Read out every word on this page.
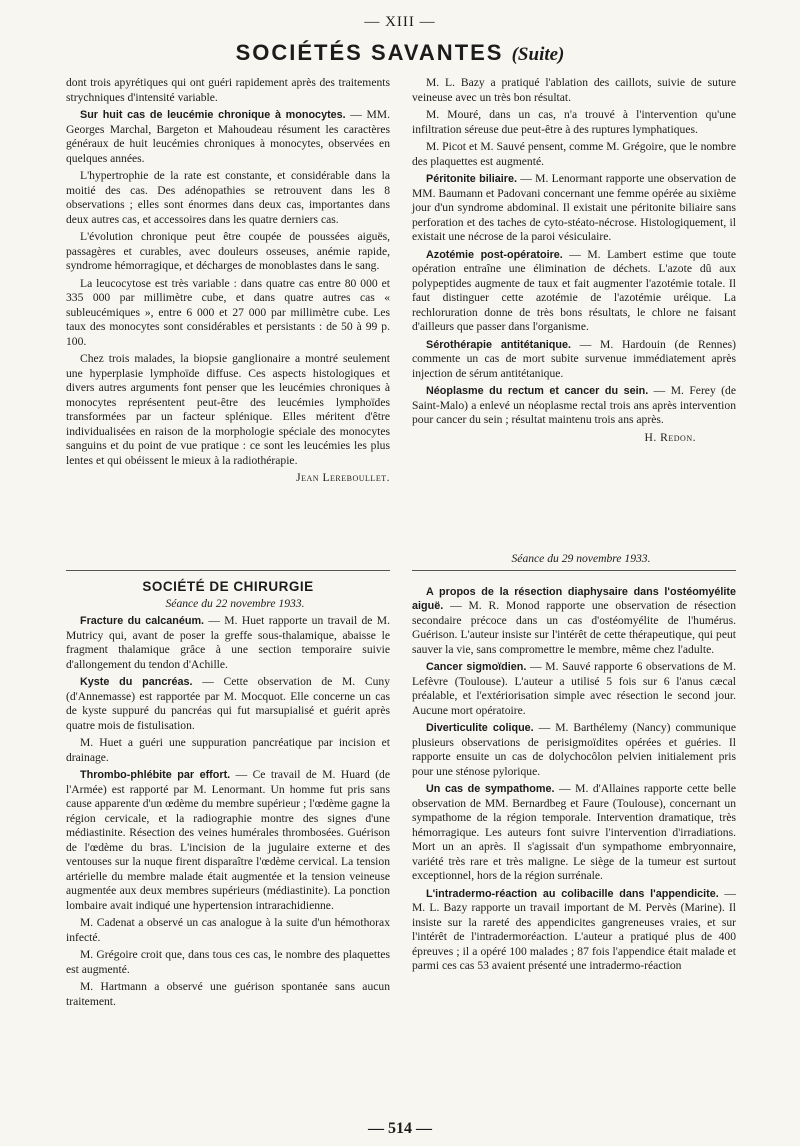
— XIII —
SOCIÉTÉS SAVANTES (Suite)

dont trois apyrétiques qui ont guéri rapidement après des traitements strychniques d'intensité variable.

Sur huit cas de leucémie chronique à monocytes. — MM. Georges Marchal, Bargeton et Mahoudeau résument les caractères généraux de huit leucémies chroniques à monocytes, observées en quelques années.

L'hypertrophie de la rate est constante, et considérable dans la moitié des cas. Des adénopathies se retrouvent dans les 8 observations ; elles sont énormes dans deux cas, importantes dans deux autres cas, et accessoires dans les quatre derniers cas.

L'évolution chronique peut être coupée de poussées aiguës, passagères et curables, avec douleurs osseuses, anémie rapide, syndrome hémorragique, et décharges de monoblastes dans le sang.

La leucocytose est très variable : dans quatre cas entre 80 000 et 335 000 par millimètre cube, et dans quatre autres cas « subleucémiques », entre 6 000 et 27 000 par millimètre cube. Les taux des monocytes sont considérables et persistants : de 50 à 99 p. 100.

Chez trois malades, la biopsie ganglionaire a montré seulement une hyperplasie lymphoïde diffuse. Ces aspects histologiques et divers autres arguments font penser que les leucémies chroniques à monocytes représentent peut-être des leucémies lymphoïdes transformées par un facteur splénique. Elles méritent d'être individualisées en raison de la morphologie spéciale des monocytes sanguins et du point de vue pratique : ce sont les leucémies les plus lentes et qui obéissent le mieux à la radiothérapie.

Jean Lereboullet.

M. L. Bazy a pratiqué l'ablation des caillots, suivie de suture veineuse avec un très bon résultat.

M. Mouré, dans un cas, n'a trouvé à l'intervention qu'une infiltration séreuse due peut-être à des ruptures lymphatiques.

M. Picot et M. Sauvé pensent, comme M. Grégoire, que le nombre des plaquettes est augmenté.

Péritonite biliaire. — M. Lenormant rapporte une observation de MM. Baumann et Padovani concernant une femme opérée au sixième jour d'un syndrome abdominal. Il existait une péritonite biliaire sans perforation et des taches de cyto-stéato-nécrose. Histologiquement, il existait une nécrose de la paroi vésiculaire.

Azotémie post-opératoire. — M. Lambert estime que toute opération entraîne une élimination de déchets. L'azote dû aux polypeptides augmente de taux et fait augmenter l'azotémie totale. Il faut distinguer cette azotémie de l'azotémie uréique. La rechloruration donne de très bons résultats, le chlore ne faisant d'ailleurs que passer dans l'organisme.

Sérothérapie antitétanique. — M. Hardouin (de Rennes) commente un cas de mort subite survenue immédiatement après injection de sérum antitétanique.

Néoplasme du rectum et cancer du sein. — M. Ferey (de Saint-Malo) a enlevé un néoplasme rectal trois ans après intervention pour cancer du sein ; résultat maintenu trois ans après.

H. Redon.
SOCIÉTÉ DE CHIRURGIE

Séance du 22 novembre 1933.

Fracture du calcanéum. — M. Huet rapporte un travail de M. Mutricy qui, avant de poser la greffe sous-thalamique, abaisse le fragment thalamique grâce à une section temporaire suivie d'allongement du tendon d'Achille.

Kyste du pancréas. — Cette observation de M. Cuny (d'Annemasse) est rapportée par M. Mocquot. Elle concerne un cas de kyste suppuré du pancréas qui fut marsupialisé et guérit après quatre mois de fistulisation.

M. Huet a guéri une suppuration pancréatique par incision et drainage.

Thrombo-phlébite par effort. — Ce travail de M. Huard (de l'Armée) est rapporté par M. Lenormant. Un homme fut pris sans cause apparente d'un œdème du membre supérieur ; l'œdème gagne la région cervicale, et la radiographie montre des signes d'une médiastinite. Résection des veines humérales thrombosées. Guérison de l'œdème du bras. L'incision de la jugulaire externe et des ventouses sur la nuque firent disparaître l'œdème cervical. La tension artérielle du membre malade était augmentée et la tension veineuse augmentée aux deux membres supérieurs (médiastinite). La ponction lombaire avait indiqué une hypertension intrarachidienne.

M. Cadenat a observé un cas analogue à la suite d'un hémothorax infecté.

M. Grégoire croit que, dans tous ces cas, le nombre des plaquettes est augmenté.

M. Hartmann a observé une guérison spontanée sans aucun traitement.

Séance du 29 novembre 1933.

A propos de la résection diaphysaire dans l'ostéomyélite aiguë. — M. R. Monod rapporte une observation de résection secondaire précoce dans un cas d'ostéomyélite de l'humérus. Guérison. L'auteur insiste sur l'intérêt de cette thérapeutique, qui peut sauver la vie, sans compromettre le membre, même chez l'adulte.

Cancer sigmoïdien. — M. Sauvé rapporte 6 observations de M. Lefèvre (Toulouse). L'auteur a utilisé 5 fois sur 6 l'anus cæcal préalable, et l'extériorisation simple avec résection le second jour. Aucune mort opératoire.

Diverticulite colique. — M. Barthélemy (Nancy) communique plusieurs observations de perisigmoïdites opérées et guéries. Il rapporte ensuite un cas de dolychocôlon pelvien initialement pris pour une sténose pylorique.

Un cas de sympathome. — M. d'Allaines rapporte cette belle observation de MM. Bernardbeg et Faure (Toulouse), concernant un sympathome de la région temporale. Intervention dramatique, très hémorragique. Les auteurs font suivre l'intervention d'irradiations. Mort un an après. Il s'agissait d'un sympathome embryonnaire, variété très rare et très maligne. Le siège de la tumeur est surtout exceptionnel, hors de la région surrénale.

L'intradermo-réaction au colibacille dans l'appendicite. — M. L. Bazy rapporte un travail important de M. Pervès (Marine). Il insiste sur la rareté des appendicites gangreneuses vraies, et sur l'intérêt de l'intradermoréaction. L'auteur a pratiqué plus de 400 épreuves ; il a opéré 100 malades ; 87 fois l'appendice était malade et parmi ces cas 53 avaient présenté une intradermo-réaction

— 514 —
